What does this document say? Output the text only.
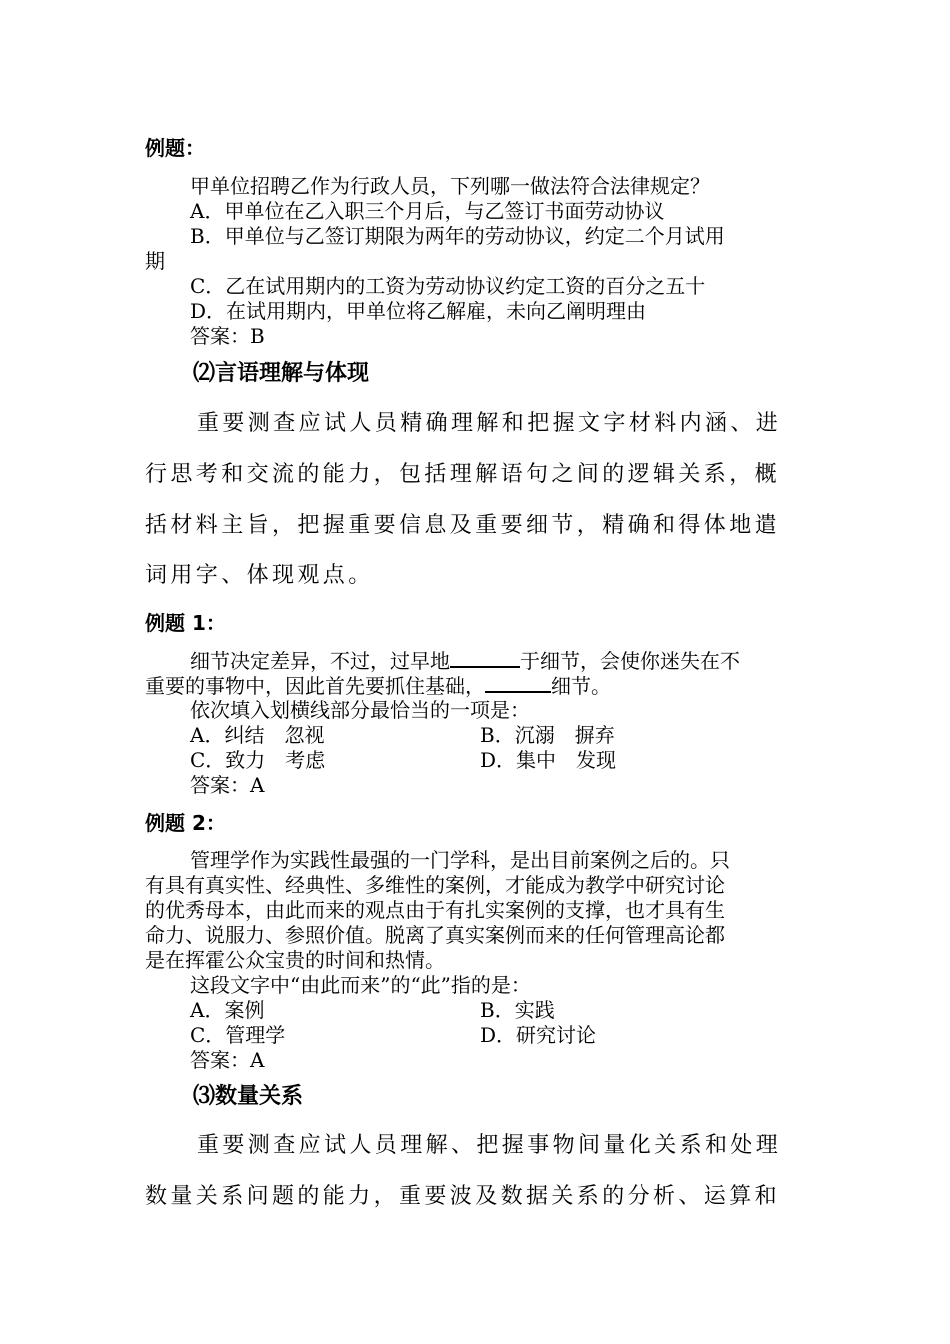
例题：
甲单位招聘乙作为行政人员，下列哪一做法符合法律规定？
A．甲单位在乙入职三个月后，与乙签订书面劳动协议
B．甲单位与乙签订期限为两年的劳动协议，约定二个月试用
期
C．乙在试用期内的工资为劳动协议约定工资的百分之五十
D．在试用期内，甲单位将乙解雇，未向乙阐明理由
答案：B
⑵言语理解与体现
重要测查应试人员精确理解和把握文字材料内涵、进
行思考和交流的能力，包括理解语句之间的逻辑关系，概
括材料主旨，把握重要信息及重要细节，精确和得体地遣
词用字、体现观点。
例题 1：
细节决定差异，不过，过早地	于细节，会使你迷失在不
重要的事物中，因此首先要抓住基础，	细节。
依次填入划横线部分最恰当的一项是：
A．纠结　忽视	B．沉溺　摒弃
C．致力　考虑	D．集中　发现
答案：A
例题 2：
管理学作为实践性最强的一门学科，是出目前案例之后的。只
有具有真实性、经典性、多维性的案例，才能成为教学中研究讨论
的优秀母本，由此而来的观点由于有扎实案例的支撑，也才具有生
命力、说服力、参照价值。脱离了真实案例而来的任何管理高论都
是在挥霍公众宝贵的时间和热情。
这段文字中“由此而来”的“此”指的是：
A．案例	B．实践
C．管理学	D．研究讨论
答案：A
⑶数量关系
重要测查应试人员理解、把握事物间量化关系和处理
数量关系问题的能力，重要波及数据关系的分析、运算和
